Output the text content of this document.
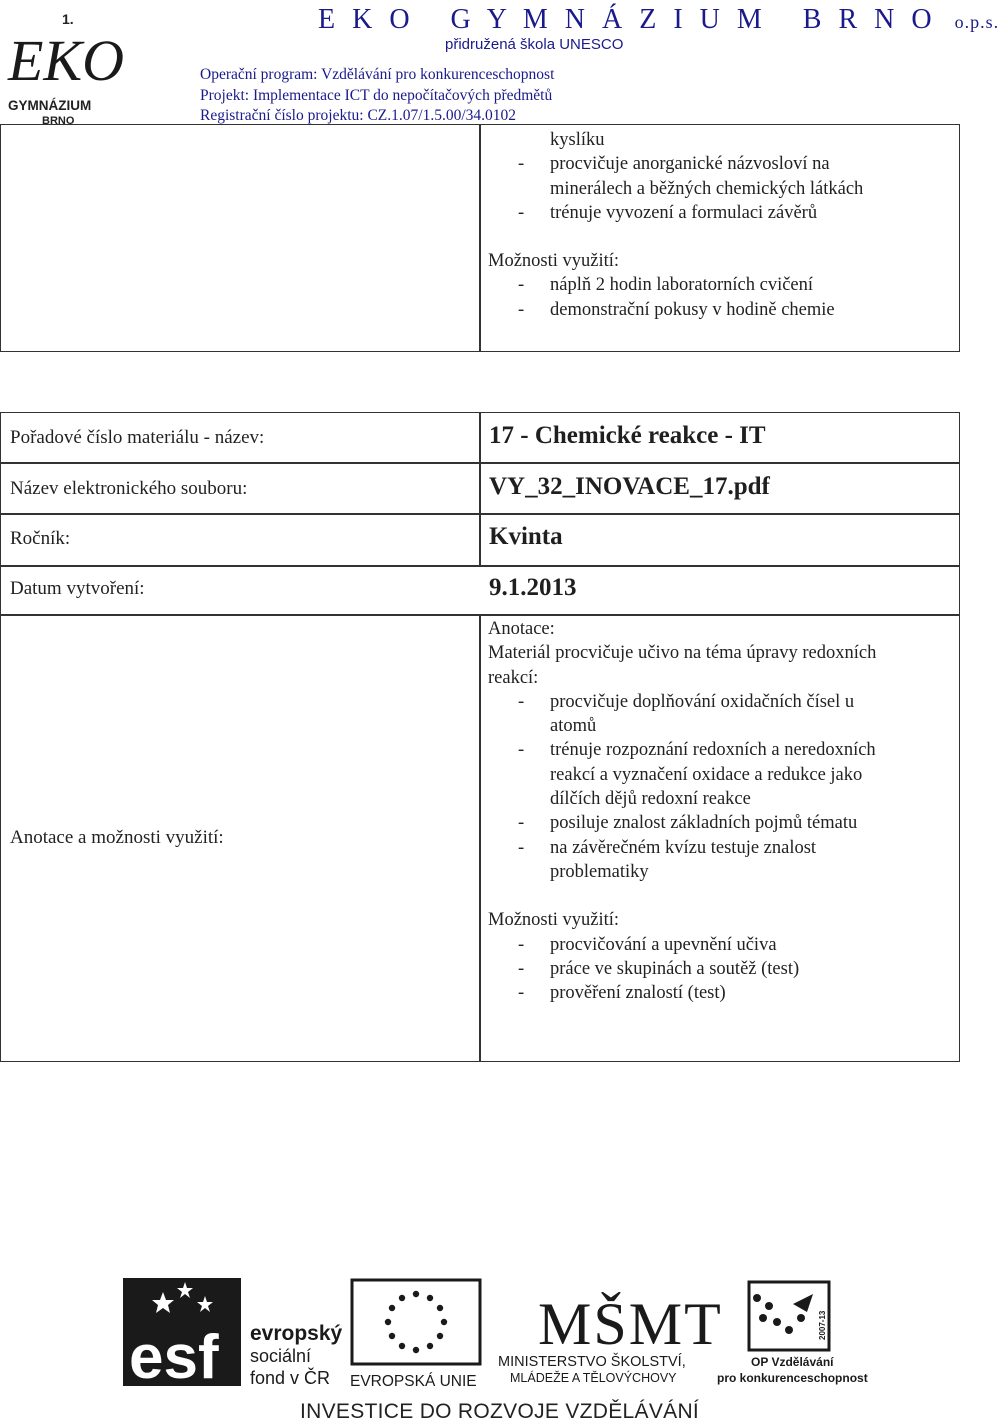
1.
EKO
GYMNÁZIUM
BRNO
E K O   G Y M N Á Z I U M   B R N O o.p.s.
přidružená škola UNESCO
Operační program: Vzdělávání pro konkurenceschopnost
Projekt: Implementace ICT do nepočítačových předmětů
Registrační číslo projektu: CZ.1.07/1.5.00/34.0102
kyslíku
- procvičuje anorganické názvosloví na
minerálech a běžných chemických látkách
- trénuje vyvození a formulaci závěrů
Možnosti využití:
- náplň 2 hodin laboratorních cvičení
- demonstrační pokusy v hodině chemie
Pořadové číslo materiálu - název:	17 - Chemické reakce - IT
Název elektronického souboru:	VY_32_INOVACE_17.pdf
Ročník:	Kvinta
Datum vytvoření:	9.1.2013
Anotace a možnosti využití:
Anotace:
Materiál procvičuje učivo na téma úpravy redoxních
reakcí:
- procvičuje doplňování oxidačních čísel u
atomů
- trénuje rozpoznání redoxních a neredoxních
reakcí a vyznačení oxidace a redukce jako
dílčích dějů redoxní reakce
- posiluje znalost základních pojmů tématu
- na závěrečném kvízu testuje znalost
problematiky
Možnosti využití:
- procvičování a upevnění učiva
- práce ve skupinách a soutěž (test)
- prověření znalostí (test)
esf evropský
sociální
fond v ČR EVROPSKÁ UNIE
MŠMT
MINISTERSTVO ŠKOLSTVÍ,
MLÁDEŽE A TĚLOVÝCHOVY
2007-13
OP Vzdělávání
pro konkurenceschopnost
INVESTICE DO ROZVOJE VZDĚLÁVÁNÍ
